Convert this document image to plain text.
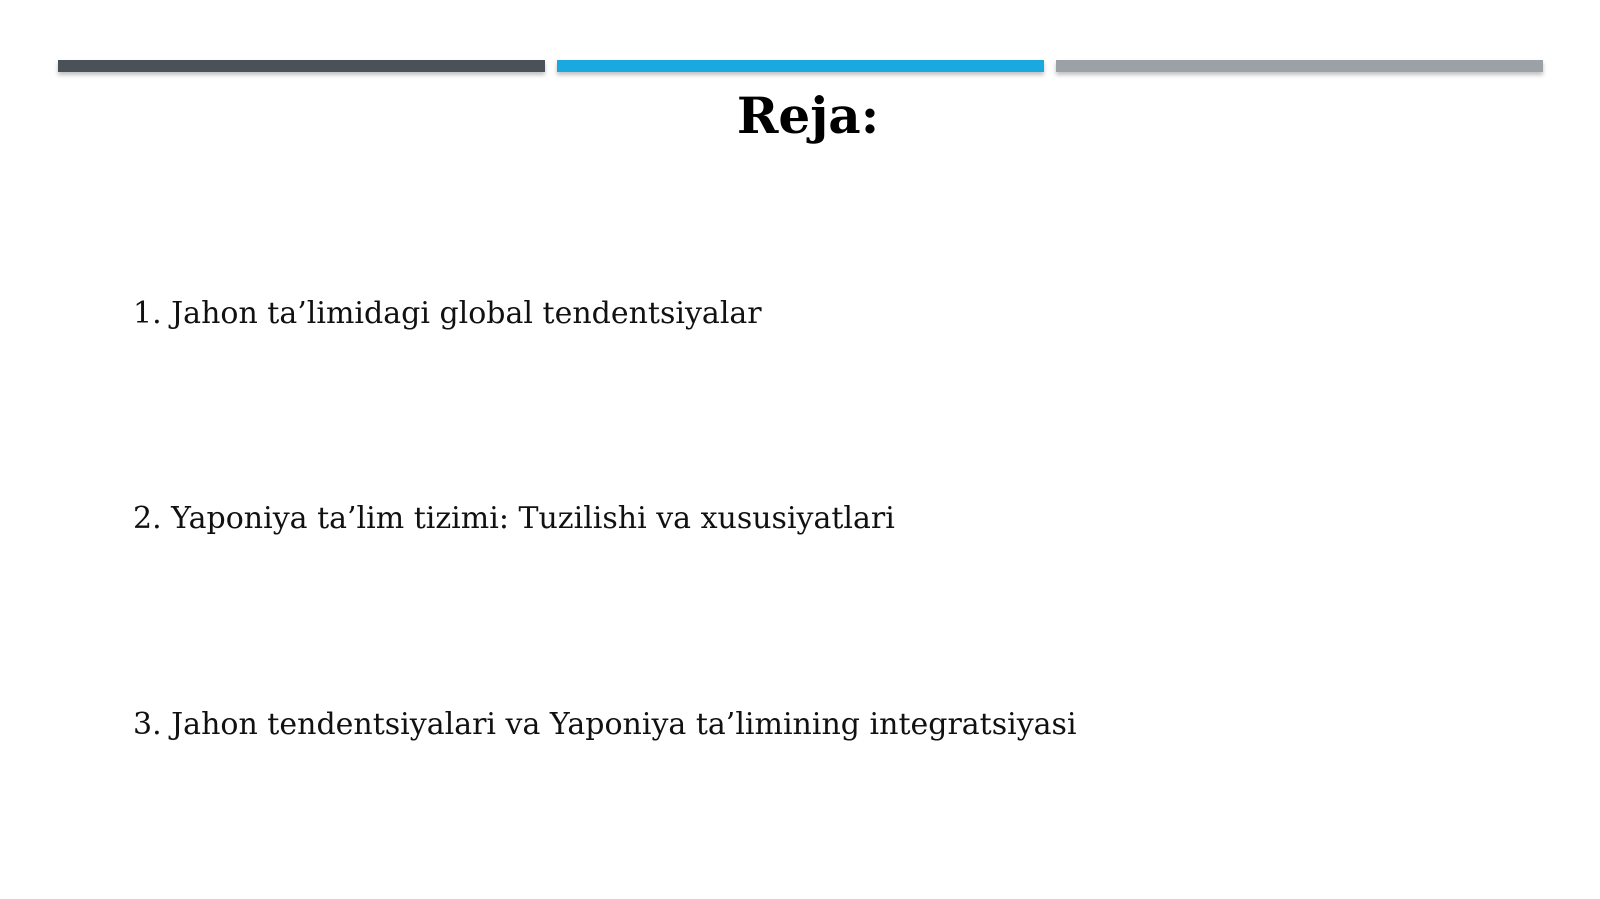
Reja:
1. Jahon ta’limidagi global tendentsiyalar
2. Yaponiya ta’lim tizimi: Tuzilishi va xususiyatlari
3. Jahon tendentsiyalari va Yaponiya ta’limining integratsiyasi
